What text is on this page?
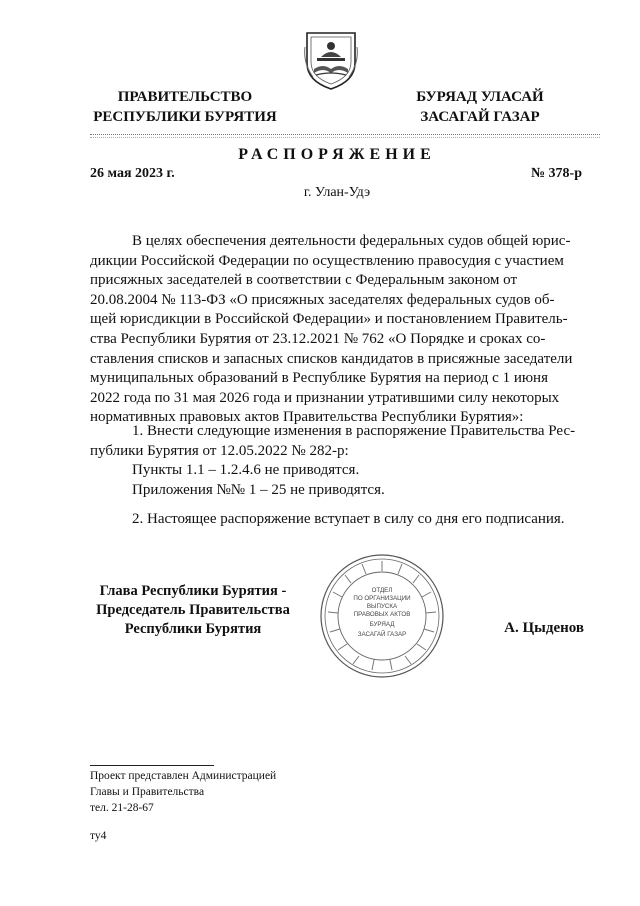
ПРАВИТЕЛЬСТВО
РЕСПУБЛИКИ БУРЯТИЯ
БУРЯАД УЛАСАЙ
ЗАСАГАЙ ГАЗАР
РАСПОРЯЖЕНИЕ
26 мая 2023 г.	№ 378-р
г. Улан-Удэ
В целях обеспечения деятельности федеральных судов общей юрис-
дикции Российской Федерации по осуществлению правосудия с участием
присяжных заседателей в соответствии с Федеральным законом от
20.08.2004 № 113-ФЗ «О присяжных заседателях федеральных судов об-
щей юрисдикции в Российской Федерации» и постановлением Правитель-
ства Республики Бурятия от 23.12.2021 № 762 «О Порядке и сроках со-
ставления списков и запасных списков кандидатов в присяжные заседатели
муниципальных образований в Республике Бурятия на период с 1 июня
2022 года по 31 мая 2026 года и признании утратившими силу некоторых
нормативных правовых актов Правительства Республики Бурятия»:
1. Внести следующие изменения в распоряжение Правительства Рес-
публики Бурятия от 12.05.2022 № 282-р:
Пункты 1.1 – 1.2.4.6 не приводятся.
Приложения №№ 1 – 25 не приводятся.
2. Настоящее распоряжение вступает в силу со дня его подписания.
Глава Республики Бурятия -
Председатель Правительства
Республики Бурятия
ОТДЕЛ
ПО ОРГАНИЗАЦИИ
ВЫПУСКА
ПРАВОВЫХ АКТОВ
БУРЯАД
ЗАСАГАЙ ГАЗАР	А. Цыденов
Проект представлен Администрацией
Главы и Правительства
тел. 21-28-67
ту4
